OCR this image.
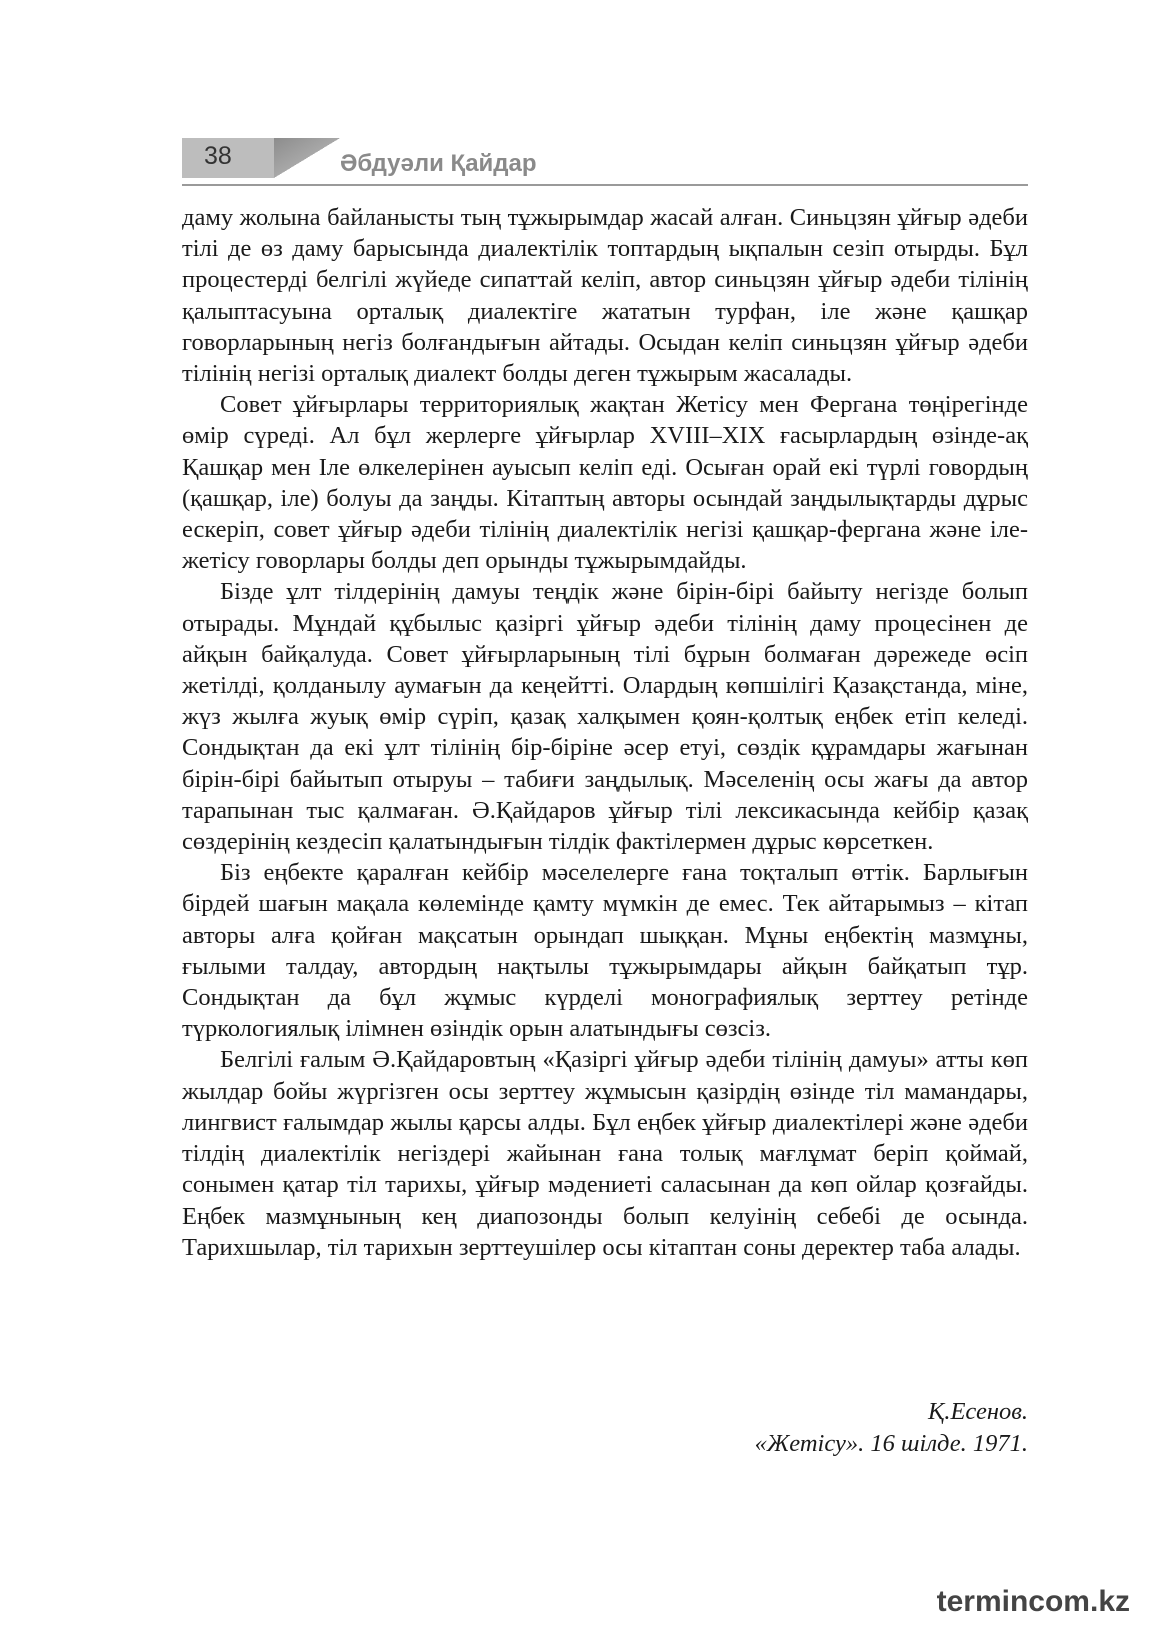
38	Әбдуәли Қайдар

даму жолына байланысты тың тұжырымдар жасай алған. Синьцзян ұйғыр әдеби тілі де өз даму барысында диалектілік топтардың ықпалын сезіп отырды. Бұл процестерді белгілі жүйеде сипаттай келіп, автор синьцзян ұйғыр әдеби тілінің қалыптасуына орталық диалектіге жататын турфан, іле және қашқар говорларының негіз болғандығын айтады. Осыдан келіп синьцзян ұйғыр әдеби тілінің негізі орталық диалект болды деген тұжырым жасалады.

Совет ұйғырлары территориялық жақтан Жетісу мен Фергана төңірегінде өмір сүреді. Ал бұл жерлерге ұйғырлар XVIII–XIX ғасырлардың өзінде-ақ Қашқар мен Іле өлкелерінен ауысып келіп еді. Осыған орай екі түрлі говордың (қашқар, іле) болуы да заңды. Кітаптың авторы осындай заңдылықтарды дұрыс ескеріп, совет ұйғыр әдеби тілінің диалектілік негізі қашқар-фергана және іле-жетісу говорлары болды деп орынды тұжырымдайды.

Бізде ұлт тілдерінің дамуы теңдік және бірін-бірі байыту негізде болып отырады. Мұндай құбылыс қазіргі ұйғыр әдеби тілінің даму процесінен де айқын байқалуда. Совет ұйғырларының тілі бұрын болмаған дәрежеде өсіп жетілді, қолданылу аумағын да кеңейтті. Олардың көпшілігі Қазақстанда, міне, жүз жылға жуық өмір сүріп, қазақ халқымен қоян-қолтық еңбек етіп келеді. Сондықтан да екі ұлт тілінің бір-біріне әсер етуі, сөздік құрамдары жағынан бірін-бірі байытып отыруы – табиғи заңдылық. Мәселенің осы жағы да автор тарапынан тыс қалмаған. Ә.Қайдаров ұйғыр тілі лексикасында кейбір қазақ сөздерінің кездесіп қалатындығын тілдік фактілермен дұрыс көрсеткен.

Біз еңбекте қаралған кейбір мәселелерге ғана тоқталып өттік. Барлығын бірдей шағын мақала көлемінде қамту мүмкін де емес. Тек айтарымыз – кітап авторы алға қойған мақсатын орындап шыққан. Мұны еңбектің мазмұны, ғылыми талдау, автордың нақтылы тұжырымдары айқын байқатып тұр. Сондықтан да бұл жұмыс күрделі монографиялық зерттеу ретінде түркологиялық ілімнен өзіндік орын алатындығы сөзсіз.

Белгілі ғалым Ә.Қайдаровтың «Қазіргі ұйғыр әдеби тілінің дамуы» атты көп жылдар бойы жүргізген осы зерттеу жұмысын қазірдің өзінде тіл мамандары, лингвист ғалымдар жылы қарсы алды. Бұл еңбек ұйғыр диалектілері және әдеби тілдің диалектілік негіздері жайынан ғана толық мағлұмат беріп қоймай, сонымен қатар тіл тарихы, ұйғыр мәдениеті саласынан да көп ойлар қозғайды. Еңбек мазмұнының кең диапозонды болып келуінің себебі де осында. Тарихшылар, тіл тарихын зерттеушілер осы кітаптан соны деректер таба алады.

Қ.Есенов.
«Жетісу». 16 шілде. 1971.
termincom.kz
